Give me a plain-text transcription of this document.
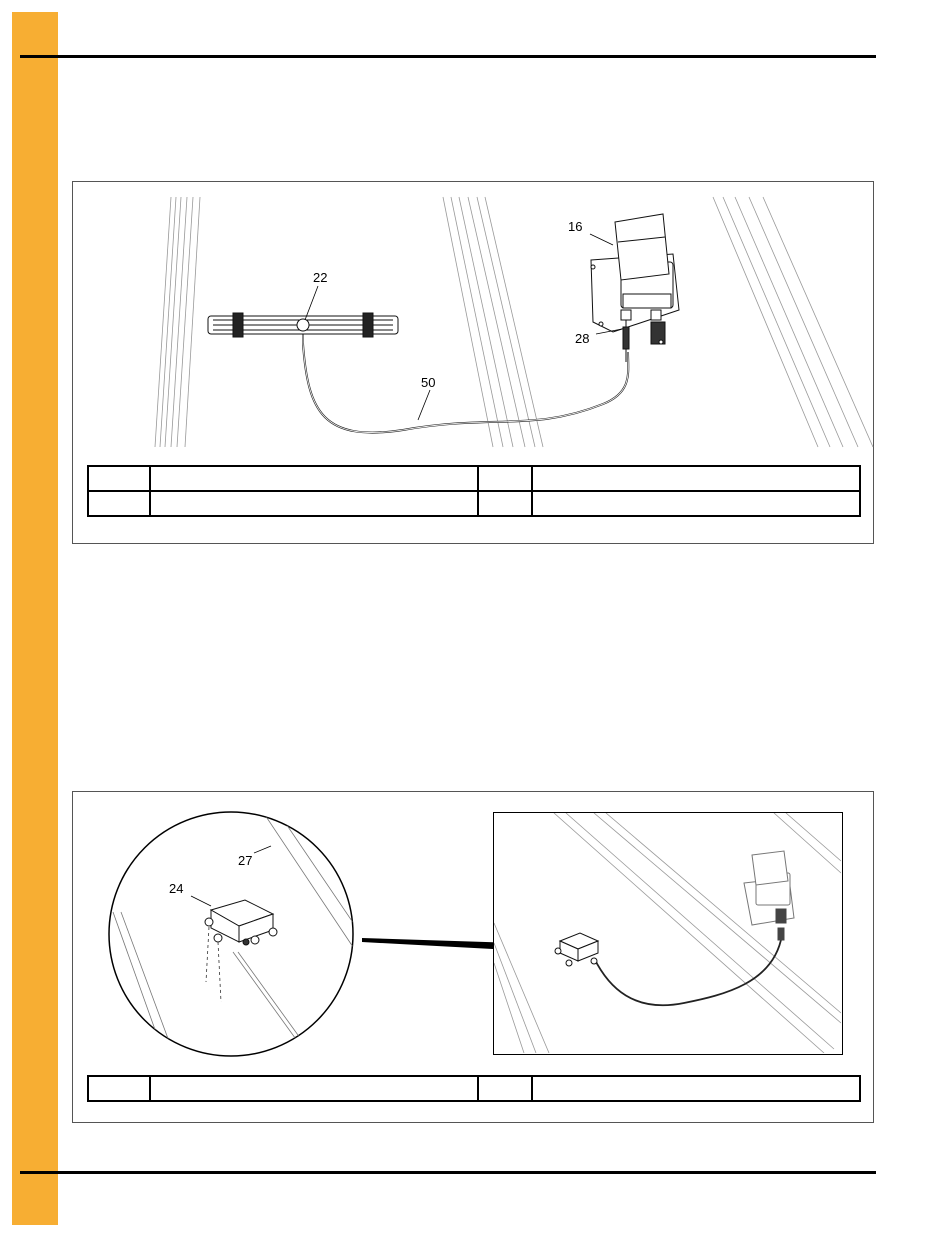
22
16
28
50

24
27
